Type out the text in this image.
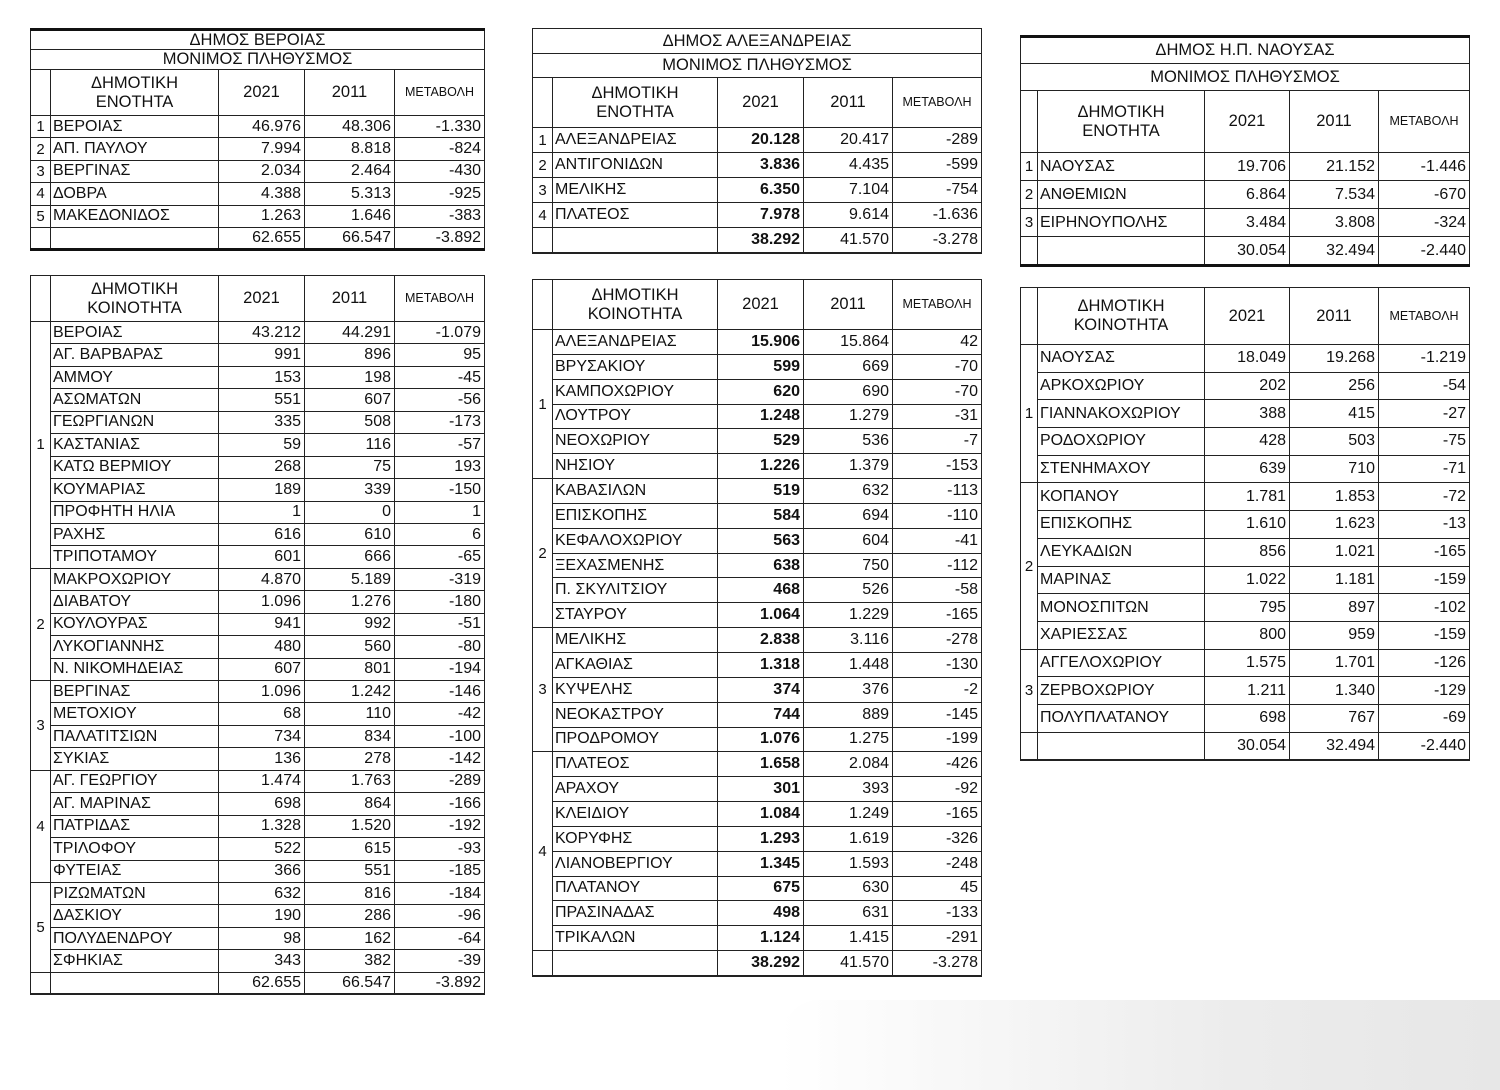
ΔΗΜΟΣ ΒΕΡΟΙΑΣ				
ΜΟΝΙΜΟΣ ΠΛΗΘΥΣΜΟΣ				
	ΔΗΜΟΤΙΚΗ ΕΝΟΤΗΤΑ	2021	2011	ΜΕΤΑΒΟΛΗ
1	ΒΕΡΟΙΑΣ	46.976	48.306	-1.330
2	ΑΠ. ΠΑΥΛΟΥ	7.994	8.818	-824
3	ΒΕΡΓΙΝΑΣ	2.034	2.464	-430
4	ΔΟΒΡΑ	4.388	5.313	-925
5	ΜΑΚΕΔΟΝΙΔΟΣ	1.263	1.646	-383
		62.655	66.547	-3.892
	ΔΗΜΟΤΙΚΗ ΚΟΙΝΟΤΗΤΑ	2021	2011	ΜΕΤΑΒΟΛΗ
1	ΒΕΡΟΙΑΣ	43.212	44.291	-1.079
	ΑΓ. ΒΑΡΒΑΡΑΣ	991	896	95
	ΑΜΜΟΥ	153	198	-45
	ΑΣΩΜΑΤΩΝ	551	607	-56
	ΓΕΩΡΓΙΑΝΩΝ	335	508	-173
	ΚΑΣΤΑΝΙΑΣ	59	116	-57
	ΚΑΤΩ ΒΕΡΜΙΟΥ	268	75	193
	ΚΟΥΜΑΡΙΑΣ	189	339	-150
	ΠΡΟΦΗΤΗ ΗΛΙΑ	1	0	1
	ΡΑΧΗΣ	616	610	6
	ΤΡΙΠΟΤΑΜΟΥ	601	666	-65
2	ΜΑΚΡΟΧΩΡΙΟΥ	4.870	5.189	-319
	ΔΙΑΒΑΤΟΥ	1.096	1.276	-180
	ΚΟΥΛΟΥΡΑΣ	941	992	-51
	ΛΥΚΟΓΙΑΝΝΗΣ	480	560	-80
	Ν. ΝΙΚΟΜΗΔΕΙΑΣ	607	801	-194
3	ΒΕΡΓΙΝΑΣ	1.096	1.242	-146
	ΜΕΤΟΧΙΟΥ	68	110	-42
	ΠΑΛΑΤΙΤΣΙΩΝ	734	834	-100
	ΣΥΚΙΑΣ	136	278	-142
4	ΑΓ. ΓΕΩΡΓΙΟΥ	1.474	1.763	-289
	ΑΓ. ΜΑΡΙΝΑΣ	698	864	-166
	ΠΑΤΡΙΔΑΣ	1.328	1.520	-192
	ΤΡΙΛΟΦΟΥ	522	615	-93
	ΦΥΤΕΙΑΣ	366	551	-185
5	ΡΙΖΩΜΑΤΩΝ	632	816	-184
	ΔΑΣΚΙΟΥ	190	286	-96
	ΠΟΛΥΔΕΝΔΡΟΥ	98	162	-64
	ΣΦΗΚΙΑΣ	343	382	-39
		62.655	66.547	-3.892
ΔΗΜΟΣ ΑΛΕΞΑΝΔΡΕΙΑΣ				
ΜΟΝΙΜΟΣ ΠΛΗΘΥΣΜΟΣ				
	ΔΗΜΟΤΙΚΗ ΕΝΟΤΗΤΑ	2021	2011	ΜΕΤΑΒΟΛΗ
1	ΑΛΕΞΑΝΔΡΕΙΑΣ	20.128	20.417	-289
2	ΑΝΤΙΓΟΝΙΔΩΝ	3.836	4.435	-599
3	ΜΕΛΙΚΗΣ	6.350	7.104	-754
4	ΠΛΑΤΕΟΣ	7.978	9.614	-1.636
		38.292	41.570	-3.278
	ΔΗΜΟΤΙΚΗ ΚΟΙΝΟΤΗΤΑ	2021	2011	ΜΕΤΑΒΟΛΗ
1	ΑΛΕΞΑΝΔΡΕΙΑΣ	15.906	15.864	42
	ΒΡΥΣΑΚΙΟΥ	599	669	-70
	ΚΑΜΠΟΧΩΡΙΟΥ	620	690	-70
	ΛΟΥΤΡΟΥ	1.248	1.279	-31
	ΝΕΟΧΩΡΙΟΥ	529	536	-7
	ΝΗΣΙΟΥ	1.226	1.379	-153
2	ΚΑΒΑΣΙΛΩΝ	519	632	-113
	ΕΠΙΣΚΟΠΗΣ	584	694	-110
	ΚΕΦΑΛΟΧΩΡΙΟΥ	563	604	-41
	ΞΕΧΑΣΜΕΝΗΣ	638	750	-112
	Π. ΣΚΥΛΙΤΣΙΟΥ	468	526	-58
	ΣΤΑΥΡΟΥ	1.064	1.229	-165
3	ΜΕΛΙΚΗΣ	2.838	3.116	-278
	ΑΓΚΑΘΙΑΣ	1.318	1.448	-130
	ΚΥΨΕΛΗΣ	374	376	-2
	ΝΕΟΚΑΣΤΡΟΥ	744	889	-145
	ΠΡΟΔΡΟΜΟΥ	1.076	1.275	-199
4	ΠΛΑΤΕΟΣ	1.658	2.084	-426
	ΑΡΑΧΟΥ	301	393	-92
	ΚΛΕΙΔΙΟΥ	1.084	1.249	-165
	ΚΟΡΥΦΗΣ	1.293	1.619	-326
	ΛΙΑΝΟΒΕΡΓΙΟΥ	1.345	1.593	-248
	ΠΛΑΤΑΝΟΥ	675	630	45
	ΠΡΑΣΙΝΑΔΑΣ	498	631	-133
	ΤΡΙΚΑΛΩΝ	1.124	1.415	-291
		38.292	41.570	-3.278
ΔΗΜΟΣ Η.Π. ΝΑΟΥΣΑΣ				
ΜΟΝΙΜΟΣ ΠΛΗΘΥΣΜΟΣ				
	ΔΗΜΟΤΙΚΗ ΕΝΟΤΗΤΑ	2021	2011	ΜΕΤΑΒΟΛΗ
1	ΝΑΟΥΣΑΣ	19.706	21.152	-1.446
2	ΑΝΘΕΜΙΩΝ	6.864	7.534	-670
3	ΕΙΡΗΝΟΥΠΟΛΗΣ	3.484	3.808	-324
		30.054	32.494	-2.440
	ΔΗΜΟΤΙΚΗ ΚΟΙΝΟΤΗΤΑ	2021	2011	ΜΕΤΑΒΟΛΗ
1	ΝΑΟΥΣΑΣ	18.049	19.268	-1.219
	ΑΡΚΟΧΩΡΙΟΥ	202	256	-54
	ΓΙΑΝΝΑΚΟΧΩΡΙΟΥ	388	415	-27
	ΡΟΔΟΧΩΡΙΟΥ	428	503	-75
	ΣΤΕΝΗΜΑΧΟΥ	639	710	-71
2	ΚΟΠΑΝΟΥ	1.781	1.853	-72
	ΕΠΙΣΚΟΠΗΣ	1.610	1.623	-13
	ΛΕΥΚΑΔΙΩΝ	856	1.021	-165
	ΜΑΡΙΝΑΣ	1.022	1.181	-159
	ΜΟΝΟΣΠΙΤΩΝ	795	897	-102
	ΧΑΡΙΕΣΣΑΣ	800	959	-159
3	ΑΓΓΕΛΟΧΩΡΙΟΥ	1.575	1.701	-126
	ΖΕΡΒΟΧΩΡΙΟΥ	1.211	1.340	-129
	ΠΟΛΥΠΛΑΤΑΝΟΥ	698	767	-69
		30.054	32.494	-2.440
